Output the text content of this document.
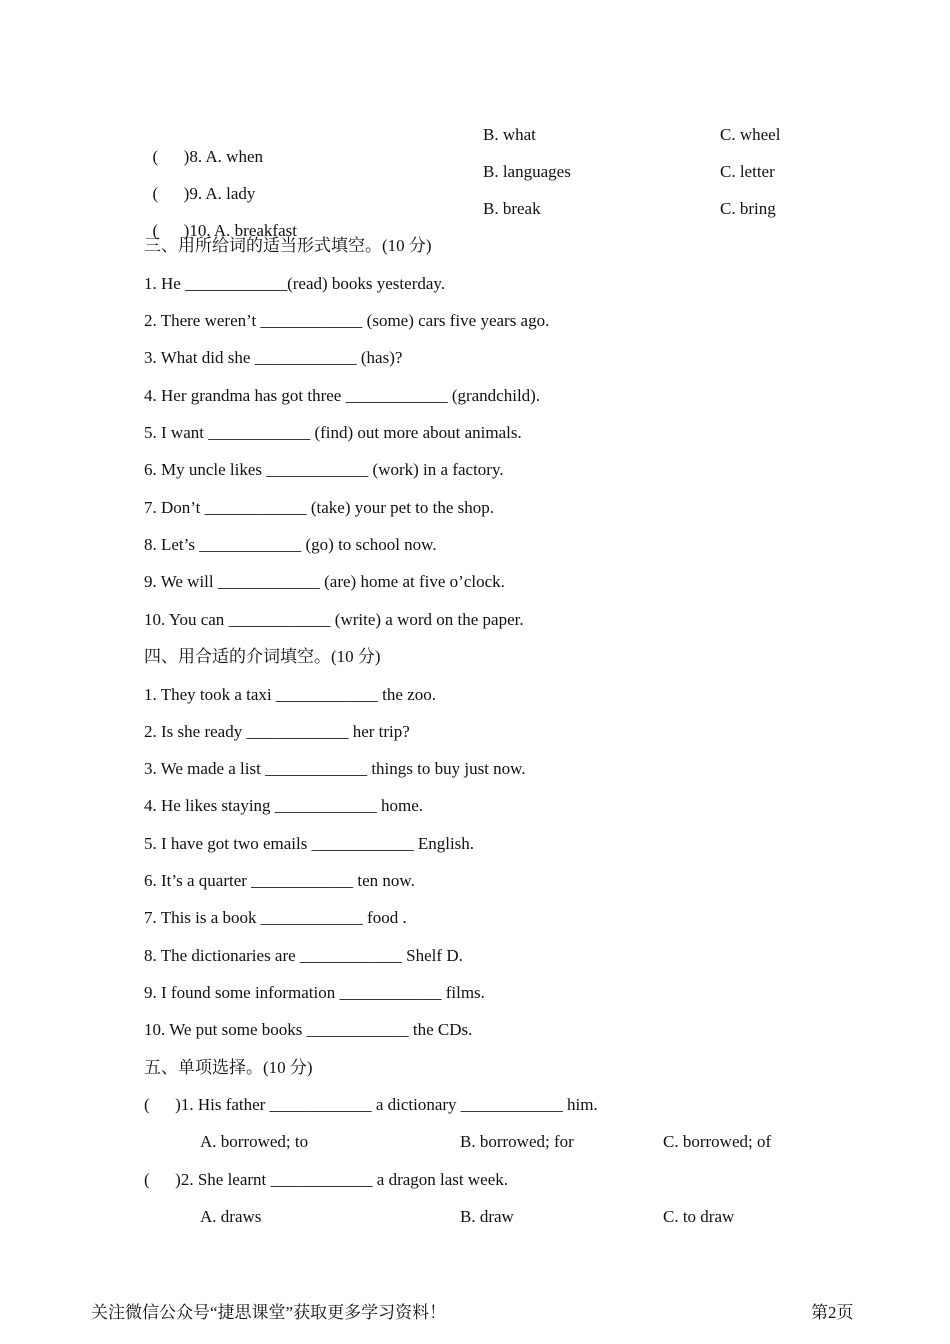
(      )8. A. when

B. what	C. wheel

(      )9. A. lady

B. languages	C. letter

(      )10. A. breakfast

B. break	C. bring
三、用所给词的适当形式填空。(10 分)
1. He ____________(read) books yesterday.
2. There weren’t ____________ (some) cars five years ago.
3. What did she ____________ (has)?
4. Her grandma has got three ____________ (grandchild).
5. I want ____________ (find) out more about animals.
6. My uncle likes ____________ (work) in a factory.
7. Don’t ____________ (take) your pet to the shop.
8. Let’s ____________ (go) to school now.
9. We will ____________ (are) home at five o’clock.
10. You can ____________ (write) a word on the paper.
四、用合适的介词填空。(10 分)
1. They took a taxi ____________ the zoo.
2. Is she ready ____________ her trip?
3. We made a list ____________ things to buy just now.
4. He likes staying ____________ home.
5. I have got two emails ____________ English.
6. It’s a quarter ____________ ten now.
7. This is a book ____________ food .
8. The dictionaries are ____________ Shelf D.
9. I found some information ____________ films.
10. We put some books ____________ the CDs.
五、单项选择。(10 分)
(      )1. His father ____________ a dictionary ____________ him.
A. borrowed; to	B. borrowed; for	C. borrowed; of
(      )2. She learnt ____________ a dragon last week.
A. draws	B. draw	C. to draw
关注微信公众号“捷思课堂”获取更多学习资料！	第2页
